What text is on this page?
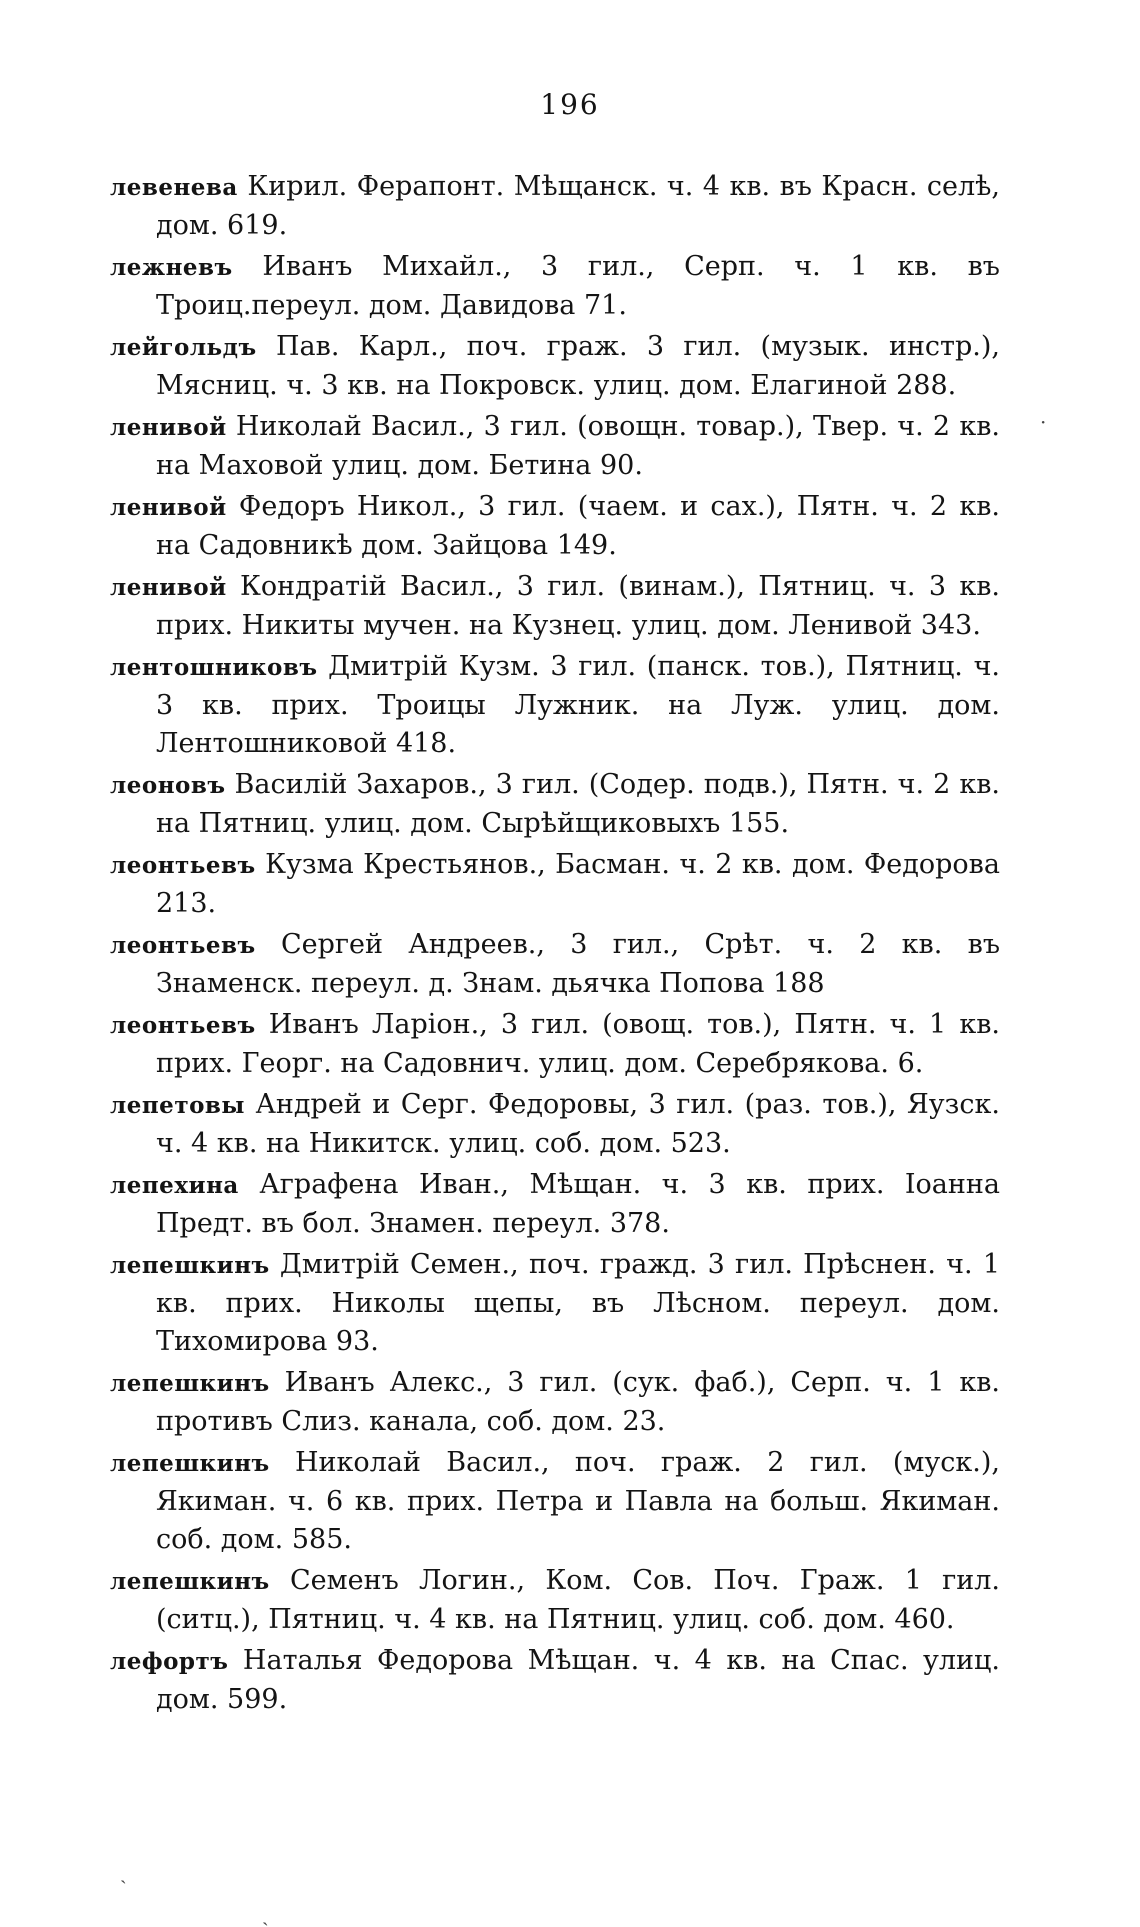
196

левенева Кирил. Ферапонт. Мѣщанск. ч. 4 кв. въ Красн. селѣ, дом. 619.

лежневъ Иванъ Михайл., 3 гил., Серп. ч. 1 кв. въ Троиц.переул. дом. Давидова 71.

лейгольдъ Пав. Карл., поч. граж. 3 гил. (музык. инстр.), Мясниц. ч. 3 кв. на Покровск. улиц. дом. Елагиной 288.

ленивой Николай Васил., 3 гил. (овощн. товар.), Твер. ч. 2 кв. на Маховой улиц. дом. Бетина 90.

ленивой Федоръ Никол., 3 гил. (чаем. и сах.), Пятн. ч. 2 кв. на Садовникѣ дом. Зайцова 149.

ленивой Кондратій Васил., 3 гил. (винам.), Пятниц. ч. 3 кв. прих. Никиты мучен. на Кузнец. улиц. дом. Ленивой 343.

лентошниковъ Дмитрій Кузм. 3 гил. (панск. тов.), Пятниц. ч. 3 кв. прих. Троицы Лужник. на Луж. улиц. дом. Лентошниковой 418.

леоновъ Василій Захаров., 3 гил. (Содер. подв.), Пятн. ч. 2 кв. на Пятниц. улиц. дом. Сырѣйщиковыхъ 155.

леонтьевъ Кузма Крестьянов., Басман. ч. 2 кв. дом. Федорова 213.

леонтьевъ Сергей Андреев., 3 гил., Срѣт. ч. 2 кв. въ Знаменск. переул. д. Знам. дьячка Попова 188

леонтьевъ Иванъ Ларіон., 3 гил. (овощ. тов.), Пятн. ч. 1 кв. прих. Георг. на Садовнич. улиц. дом. Серебрякова. 6.

лепетовы Андрей и Серг. Федоровы, 3 гил. (раз. тов.), Яузск. ч. 4 кв. на Никитск. улиц. соб. дом. 523.

лепехина Аграфена Иван., Мѣщан. ч. 3 кв. прих. Іоанна Предт. въ бол. Знамен. переул. 378.

лепешкинъ Дмитрій Семен., поч. гражд. 3 гил. Прѣснен. ч. 1 кв. прих. Николы щепы, въ Лѣсном. переул. дом. Тихомирова 93.

лепешкинъ Иванъ Алекс., 3 гил. (сук. фаб.), Серп. ч. 1 кв. противъ Слиз. канала, соб. дом. 23.

лепешкинъ Николай Васил., поч. граж. 2 гил. (муск.), Якиман. ч. 6 кв. прих. Петра и Павла на больш. Якиман. соб. дом. 585.

лепешкинъ Семенъ Логин., Ком. Сов. Поч. Граж. 1 гил. (ситц.), Пятниц. ч. 4 кв. на Пятниц. улиц. соб. дом. 460.

лефортъ Наталья Федорова Мѣщан. ч. 4 кв. на Спас. улиц. дом. 599.

ˏ
ˎ
·
